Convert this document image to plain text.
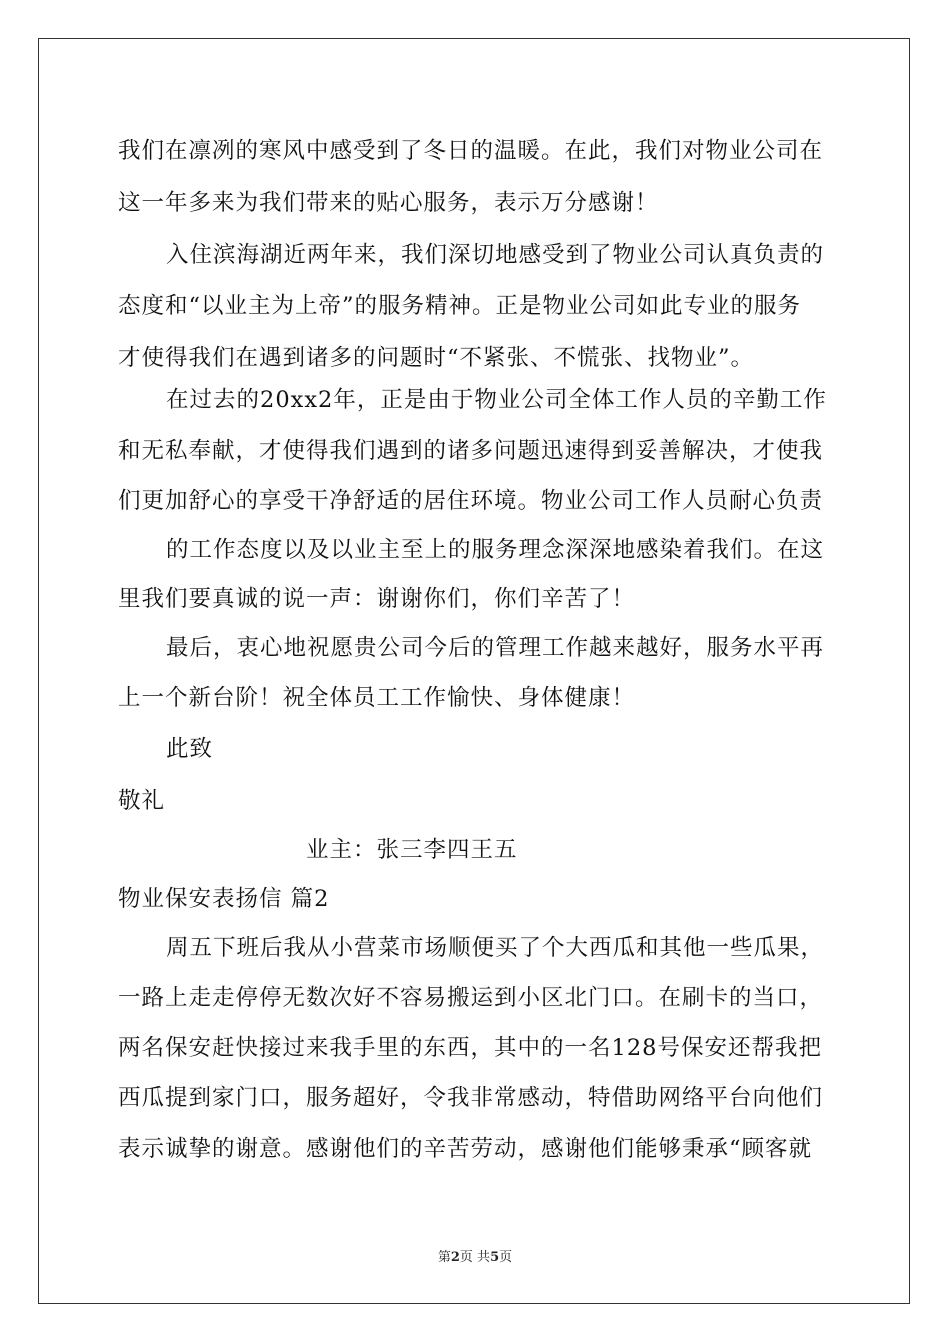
我们在凛冽的寒风中感受到了冬日的温暖。在此，我们对物业公司在
这一年多来为我们带来的贴心服务，表示万分感谢！
入住滨海湖近两年来，我们深切地感受到了物业公司认真负责的
态度和“以业主为上帝”的服务精神。正是物业公司如此专业的服务
才使得我们在遇到诸多的问题时“不紧张、不慌张、找物业”。
在过去的20xx2年，正是由于物业公司全体工作人员的辛勤工作
和无私奉献，才使得我们遇到的诸多问题迅速得到妥善解决，才使我
们更加舒心的享受干净舒适的居住环境。物业公司工作人员耐心负责
的工作态度以及以业主至上的服务理念深深地感染着我们。在这
里我们要真诚的说一声：谢谢你们，你们辛苦了！
最后，衷心地祝愿贵公司今后的管理工作越来越好，服务水平再
上一个新台阶！祝全体员工工作愉快、身体健康！
此致
敬礼
业主：张三李四王五
物业保安表扬信 篇2
周五下班后我从小营菜市场顺便买了个大西瓜和其他一些瓜果，
一路上走走停停无数次好不容易搬运到小区北门口。在刷卡的当口，
两名保安赶快接过来我手里的东西，其中的一名128号保安还帮我把
西瓜提到家门口，服务超好，令我非常感动，特借助网络平台向他们
表示诚挚的谢意。感谢他们的辛苦劳动，感谢他们能够秉承“顾客就
第2页 共5页
